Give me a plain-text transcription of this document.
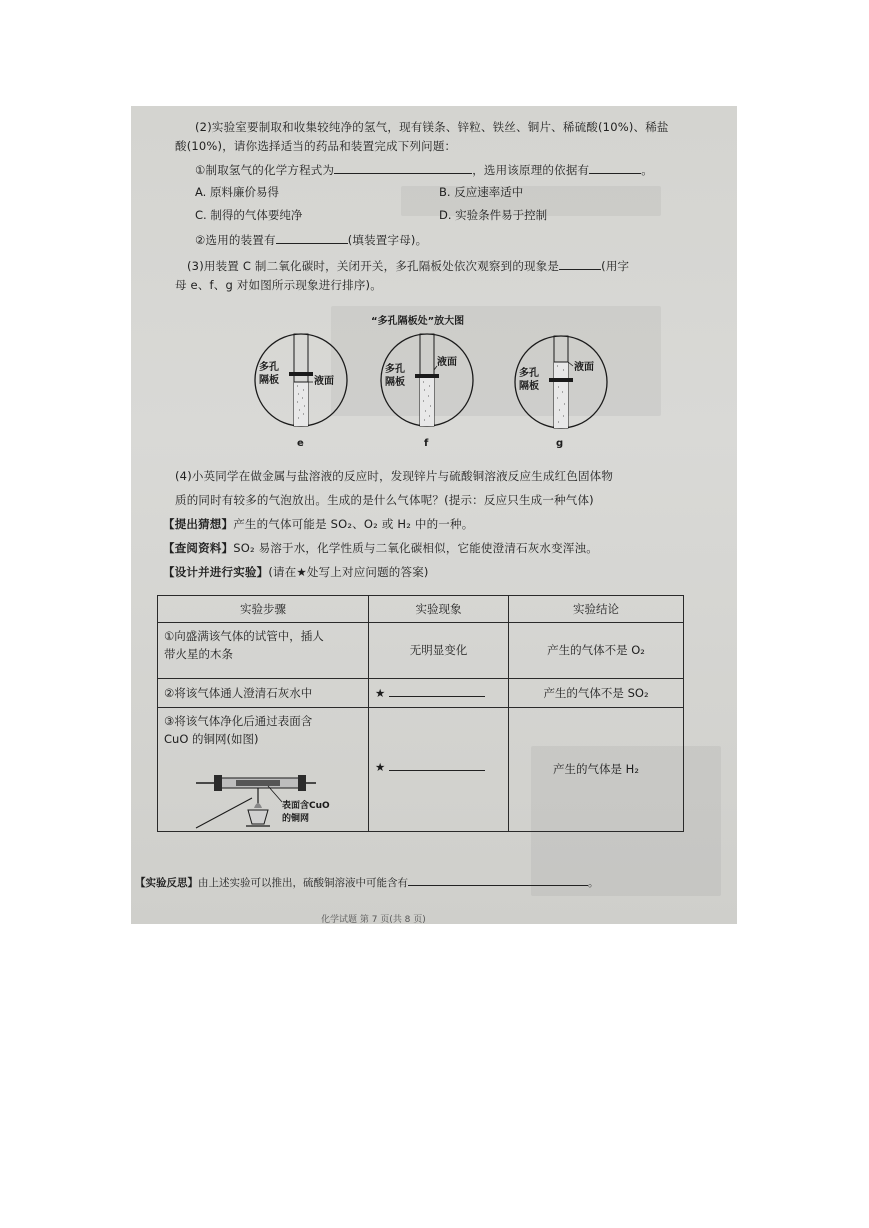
(2)实验室要制取和收集较纯净的氢气，现有镁条、锌粒、铁丝、铜片、稀硫酸(10%)、稀盐
酸(10%)，请你选择适当的药品和装置完成下列问题：
①制取氢气的化学方程式为	，选用该原理的依据有	。
A. 原料廉价易得	B. 反应速率适中
C. 制得的气体要纯净	D. 实验条件易于控制
②选用的装置有	(填装置字母)。
(3)用装置 C 制二氧化碳时，关闭开关，多孔隔板处依次观察到的现象是	(用字
母 e、f、g 对如图所示现象进行排序)。
“多孔隔板处”放大图
多孔
隔板	液面
e
多孔
隔板
液面
f
多孔
隔板
液面
g
(4)小英同学在做金属与盐溶液的反应时，发现锌片与硫酸铜溶液反应生成红色固体物
质的同时有较多的气泡放出。生成的是什么气体呢？(提示：反应只生成一种气体)
【提出猜想】产生的气体可能是 SO₂、O₂ 或 H₂ 中的一种。
【查阅资料】SO₂ 易溶于水，化学性质与二氧化碳相似，它能使澄清石灰水变浑浊。
【设计并进行实验】(请在★处写上对应问题的答案)
实验步骤	实验现象	实验结论
①向盛满该气体的试管中，插人
带火星的木条	无明显变化	产生的气体不是 O₂
②将该气体通人澄清石灰水中	★	产生的气体不是 SO₂
③将该气体净化后通过表面含
CuO 的铜网(如图)
表面含CuO
的铜网
★	产生的气体是 H₂
【实验反思】由上述实验可以推出，硫酸铜溶液中可能含有	。
化学试题 第 7 页(共 8 页)
